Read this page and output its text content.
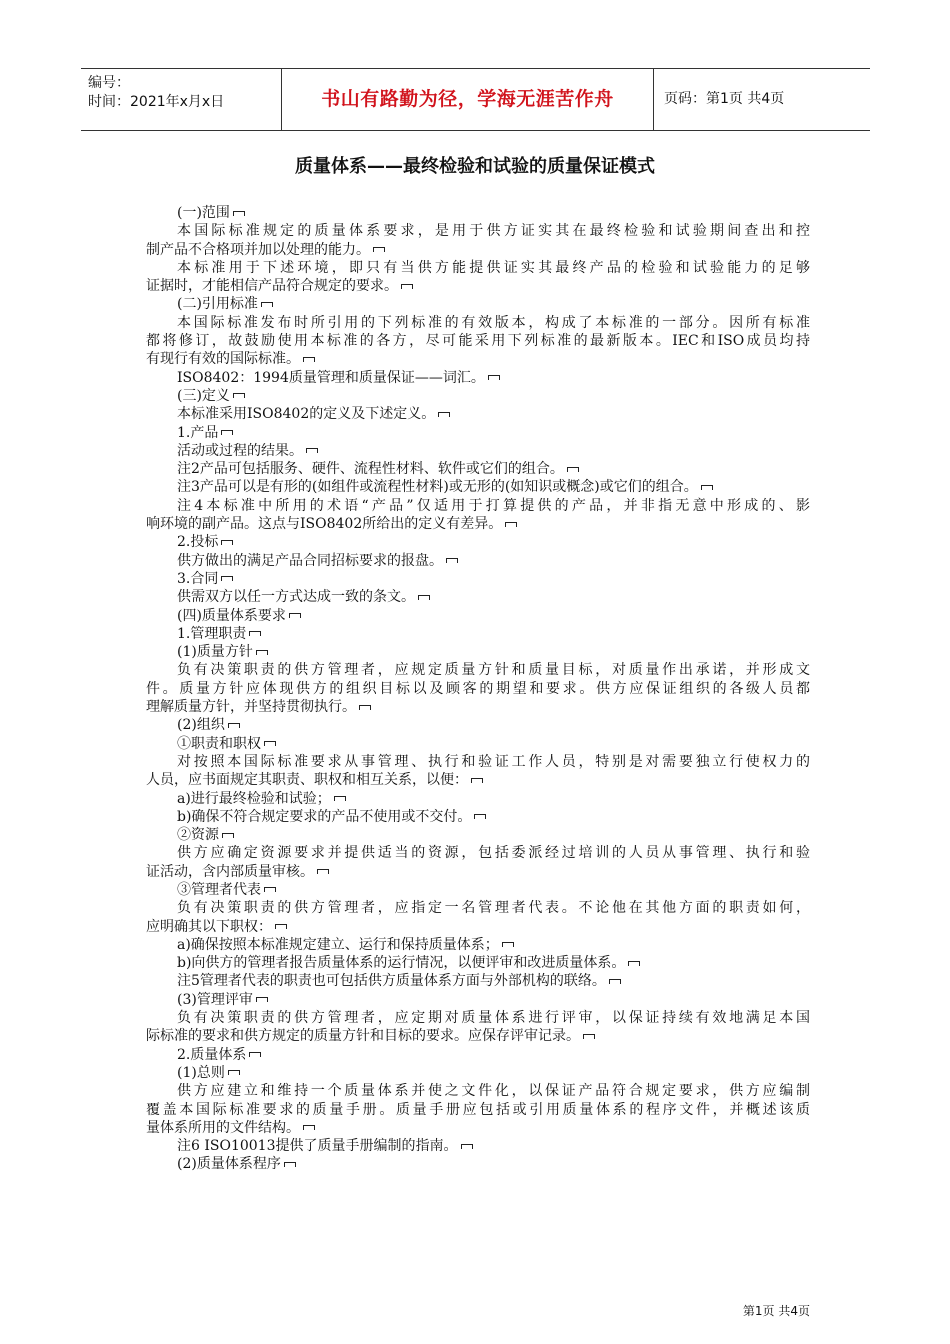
编号：
时间：2021年x月x日	书山有路勤为径，学海无涯苦作舟	页码：第1页 共4页
质量体系——最终检验和试验的质量保证模式
(一)范围
本国际标准规定的质量体系要求，是用于供方证实其在最终检验和试验期间查出和控
制产品不合格项并加以处理的能力。
本标准用于下述环境，即只有当供方能提供证实其最终产品的检验和试验能力的足够
证据时，才能相信产品符合规定的要求。
(二)引用标准
本国际标准发布时所引用的下列标准的有效版本，构成了本标准的一部分。因所有标准
都将修订，故鼓励使用本标准的各方，尽可能采用下列标准的最新版本。IEC和ISO成员均持
有现行有效的国际标准。
ISO8402：1994质量管理和质量保证——词汇。
(三)定义
本标准采用ISO8402的定义及下述定义。
1.产品
活动或过程的结果。
注2产品可包括服务、硬件、流程性材料、软件或它们的组合。
注3产品可以是有形的(如组件或流程性材料)或无形的(如知识或概念)或它们的组合。
注4本标准中所用的术语“产品”仅适用于打算提供的产品，并非指无意中形成的、影
响环境的副产品。这点与ISO8402所给出的定义有差异。
2.投标
供方做出的满足产品合同招标要求的报盘。
3.合同
供需双方以任一方式达成一致的条文。
(四)质量体系要求
1.管理职责
(1)质量方针
负有决策职责的供方管理者，应规定质量方针和质量目标，对质量作出承诺，并形成文
件。质量方针应体现供方的组织目标以及顾客的期望和要求。供方应保证组织的各级人员都
理解质量方针，并坚持贯彻执行。
(2)组织
①职责和职权
对按照本国际标准要求从事管理、执行和验证工作人员，特别是对需要独立行使权力的
人员，应书面规定其职责、职权和相互关系，以便：
a)进行最终检验和试验；
b)确保不符合规定要求的产品不使用或不交付。
②资源
供方应确定资源要求并提供适当的资源，包括委派经过培训的人员从事管理、执行和验
证活动，含内部质量审核。
③管理者代表
负有决策职责的供方管理者，应指定一名管理者代表。不论他在其他方面的职责如何，
应明确其以下职权：
a)确保按照本标准规定建立、运行和保持质量体系；
b)向供方的管理者报告质量体系的运行情况，以便评审和改进质量体系。
注5管理者代表的职责也可包括供方质量体系方面与外部机构的联络。
(3)管理评审
负有决策职责的供方管理者，应定期对质量体系进行评审，以保证持续有效地满足本国
际标准的要求和供方规定的质量方针和目标的要求。应保存评审记录。
2.质量体系
(1)总则
供方应建立和维持一个质量体系并使之文件化，以保证产品符合规定要求，供方应编制
覆盖本国际标准要求的质量手册。质量手册应包括或引用质量体系的程序文件，并概述该质
量体系所用的文件结构。
注6 ISO10013提供了质量手册编制的指南。
(2)质量体系程序
第1页 共4页
